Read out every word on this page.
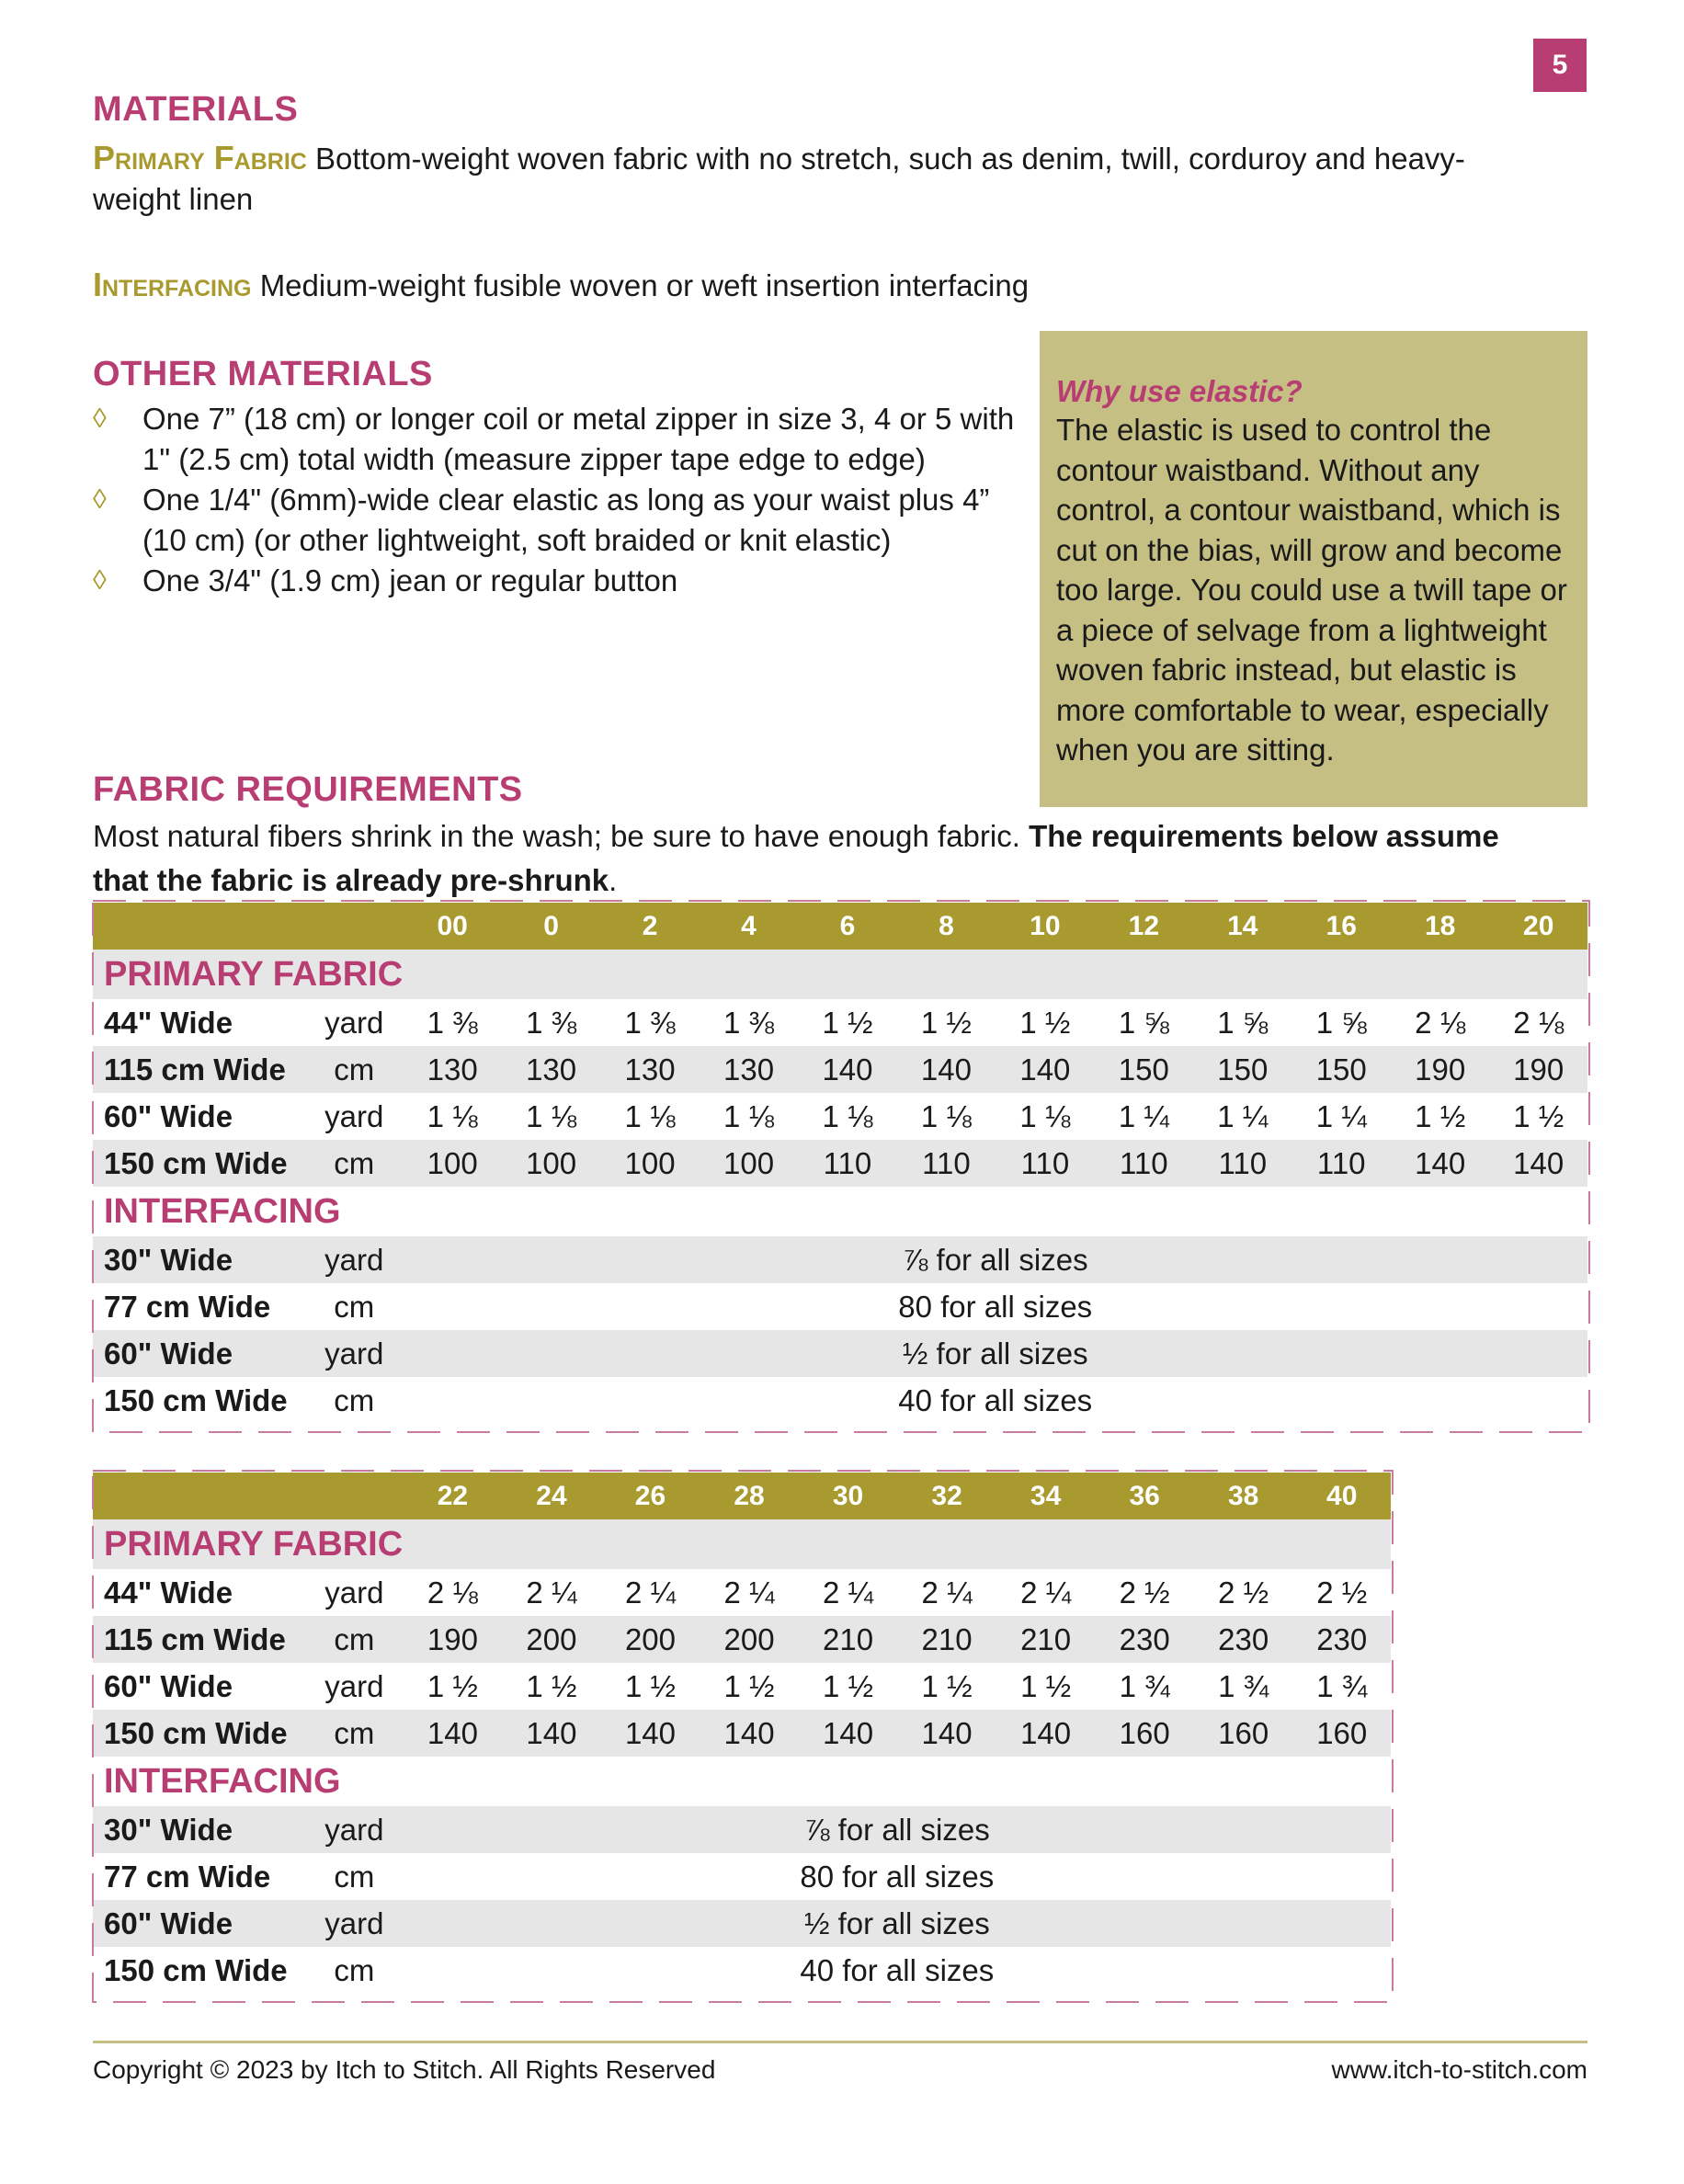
5
MATERIALS
Primary Fabric Bottom-weight woven fabric with no stretch, such as denim, twill, corduroy and heavy-
weight linen
Interfacing Medium-weight fusible woven or weft insertion interfacing
OTHER MATERIALS
◊ One 7” (18 cm) or longer coil or metal zipper in size 3, 4 or 5 with
1" (2.5 cm) total width (measure zipper tape edge to edge)
◊ One 1/4" (6mm)-wide clear elastic as long as your waist plus 4”
(10 cm) (or other lightweight, soft braided or knit elastic)
◊ One 3/4" (1.9 cm) jean or regular button
Why use elastic?
The elastic is used to control the
contour waistband. Without any
control, a contour waistband, which is
cut on the bias, will grow and become
too large. You could use a twill tape or
a piece of selvage from a lightweight
woven fabric instead, but elastic is
more comfortable to wear, especially
when you are sitting.
FABRIC REQUIREMENTS
Most natural fibers shrink in the wash; be sure to have enough fabric. The requirements below assume
that the fabric is already pre-shrunk.
		00	0	2	4	6	8	10	12	14	16	18	20
PRIMARY FABRIC													
44" Wide	yard	1 ⅜	1 ⅜	1 ⅜	1 ⅜	1 ½	1 ½	1 ½	1 ⅝	1 ⅝	1 ⅝	2 ⅛	2 ⅛
115 cm Wide	cm	130	130	130	130	140	140	140	150	150	150	190	190
60" Wide	yard	1 ⅛	1 ⅛	1 ⅛	1 ⅛	1 ⅛	1 ⅛	1 ⅛	1 ¼	1 ¼	1 ¼	1 ½	1 ½
150 cm Wide	cm	100	100	100	100	110	110	110	110	110	110	140	140
INTERFACING													
30" Wide	yard	⅞ for all sizes											
77 cm Wide	cm	80 for all sizes											
60" Wide	yard	½ for all sizes											
150 cm Wide	cm	40 for all sizes											
		22	24	26	28	30	32	34	36	38	40
PRIMARY FABRIC											
44" Wide	yard	2 ⅛	2 ¼	2 ¼	2 ¼	2 ¼	2 ¼	2 ¼	2 ½	2 ½	2 ½
115 cm Wide	cm	190	200	200	200	210	210	210	230	230	230
60" Wide	yard	1 ½	1 ½	1 ½	1 ½	1 ½	1 ½	1 ½	1 ¾	1 ¾	1 ¾
150 cm Wide	cm	140	140	140	140	140	140	140	160	160	160
INTERFACING											
30" Wide	yard	⅞ for all sizes									
77 cm Wide	cm	80 for all sizes									
60" Wide	yard	½ for all sizes									
150 cm Wide	cm	40 for all sizes									
Copyright © 2023 by Itch to Stitch. All Rights Reserved	www.itch-to-stitch.com
